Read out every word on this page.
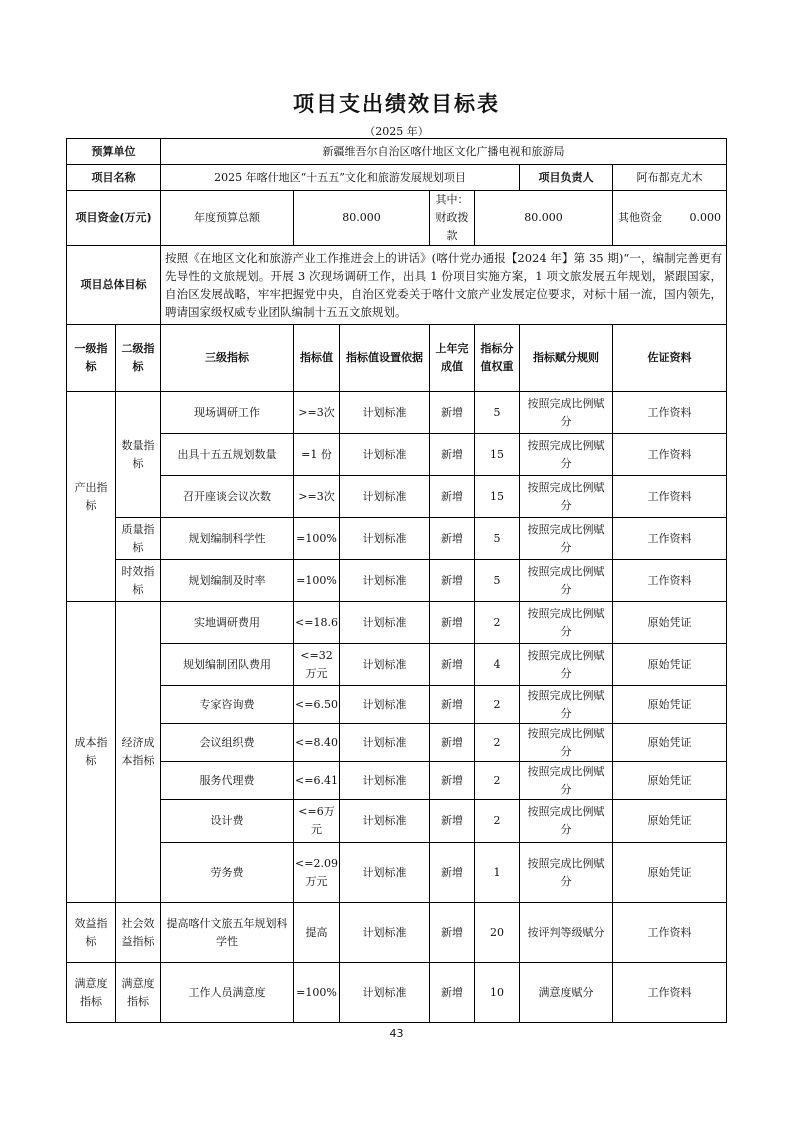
项目支出绩效目标表
（2025 年）
预算单位		新疆维吾尔自治区喀什地区文化广播电视和旅游局						
项目名称		2025 年喀什地区“十五五”文化和旅游发展规划项目					项目负责人	阿布都克尤木
项目资金(万元)		年度预算总额	80.000		其中：财政拨款	80.000		其他资金 0.000
项目总体目标		按照《在地区文化和旅游产业工作推进会上的讲话》(喀什党办通报【2024 年】第 35 期)“一，编制完善更有先导性的文旅规划。开展 3 次现场调研工作，出具 1 份项目实施方案，1 项文旅发展五年规划，紧跟国家，自治区发展战略，牢牢把握党中央，自治区党委关于喀什文旅产业发展定位要求，对标十届一流，国内领先，聘请国家级权威专业团队编制十五五文旅规划。						
一级指标	二级指标	三级指标	指标值	指标值设置依据	上年完成值	指标分值权重	指标赋分规则	佐证资料
产出指标	数量指标	现场调研工作	>=3次	计划标准	新增	5	按照完成比例赋分	工作资料
		出具十五五规划数量	=1 份	计划标准	新增	15	按照完成比例赋分	工作资料
		召开座谈会议次数	>=3次	计划标准	新增	15	按照完成比例赋分	工作资料
	质量指标	规划编制科学性	=100%	计划标准	新增	5	按照完成比例赋分	工作资料
	时效指标	规划编制及时率	=100%	计划标准	新增	5	按照完成比例赋分	工作资料
成本指标	经济成本指标	实地调研费用	<=18.6	计划标准	新增	2	按照完成比例赋分	原始凭证
		规划编制团队费用	<=32万元	计划标准	新增	4	按照完成比例赋分	原始凭证
		专家咨询费	<=6.50	计划标准	新增	2	按照完成比例赋分	原始凭证
		会议组织费	<=8.40	计划标准	新增	2	按照完成比例赋分	原始凭证
		服务代理费	<=6.41	计划标准	新增	2	按照完成比例赋分	原始凭证
		设计费	<=6万元	计划标准	新增	2	按照完成比例赋分	原始凭证
		劳务费	<=2.09万元	计划标准	新增	1	按照完成比例赋分	原始凭证
效益指标	社会效益指标	提高喀什文旅五年规划科学性	提高	计划标准	新增	20	按评判等级赋分	工作资料
满意度指标	满意度指标	工作人员满意度	=100%	计划标准	新增	10	满意度赋分	工作资料
43
